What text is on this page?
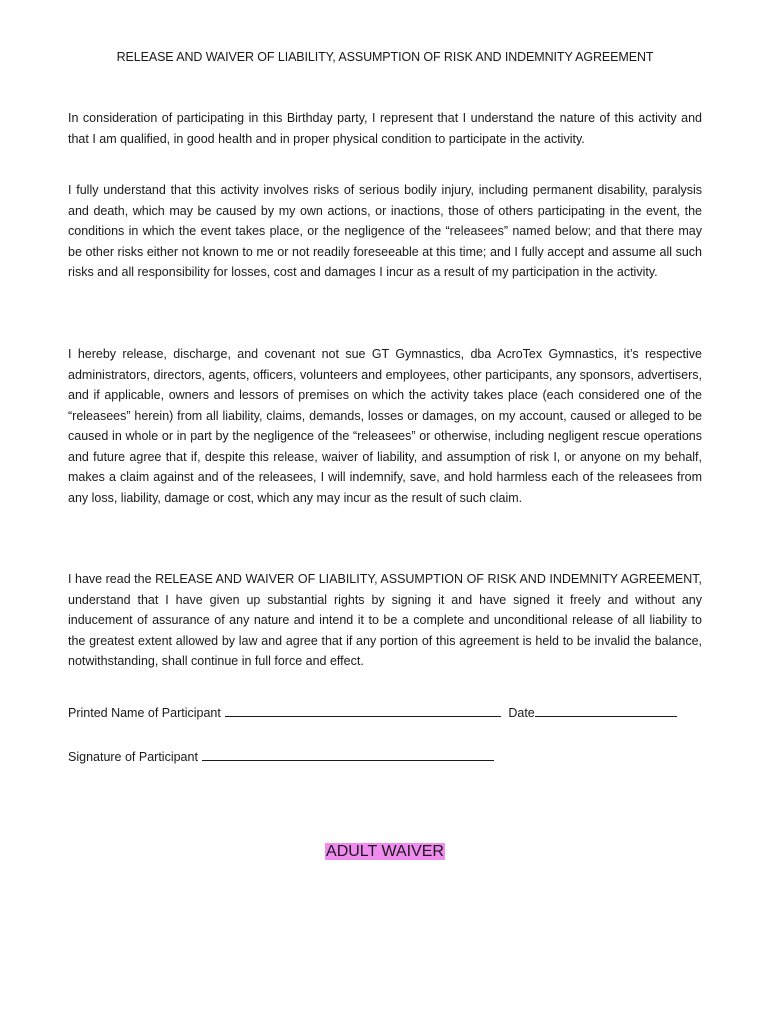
RELEASE AND WAIVER OF LIABILITY, ASSUMPTION OF RISK AND INDEMNITY AGREEMENT

In consideration of participating in this Birthday party, I represent that I understand the nature of this activity and that I am qualified, in good health and in proper physical condition to participate in the activity.

I fully understand that this activity involves risks of serious bodily injury, including permanent disability, paralysis and death, which may be caused by my own actions, or inactions, those of others participating in the event, the conditions in which the event takes place, or the negligence of the “releasees” named below; and that there may be other risks either not known to me or not readily foreseeable at this time; and I fully accept and assume all such risks and all responsibility for losses, cost and damages I incur as a result of my participation in the activity.

I hereby release, discharge, and covenant not sue GT Gymnastics, dba AcroTex Gymnastics, it’s respective administrators, directors, agents, officers, volunteers and employees, other participants, any sponsors, advertisers, and if applicable, owners and lessors of premises on which the activity takes place (each considered one of the “releasees” herein) from all liability, claims, demands, losses or damages, on my account, caused or alleged to be caused in whole or in part by the negligence of the “releasees” or otherwise, including negligent rescue operations and future agree that if, despite this release, waiver of liability, and assumption of risk I, or anyone on my behalf, makes a claim against and of the releasees, I will indemnify, save, and hold harmless each of the releasees from any loss, liability, damage or cost, which any may incur as the result of such claim.

I have read the RELEASE AND WAIVER OF LIABILITY, ASSUMPTION OF RISK AND INDEMNITY AGREEMENT, understand that I have given up substantial rights by signing it and have signed it freely and without any inducement of assurance of any nature and intend it to be a complete and unconditional release of all liability to the greatest extent allowed by law and agree that if any portion of this agreement is held to be invalid the balance, notwithstanding, shall continue in full force and effect.

Printed Name of Participant	Date
Signature of Participant
ADULT WAIVER
